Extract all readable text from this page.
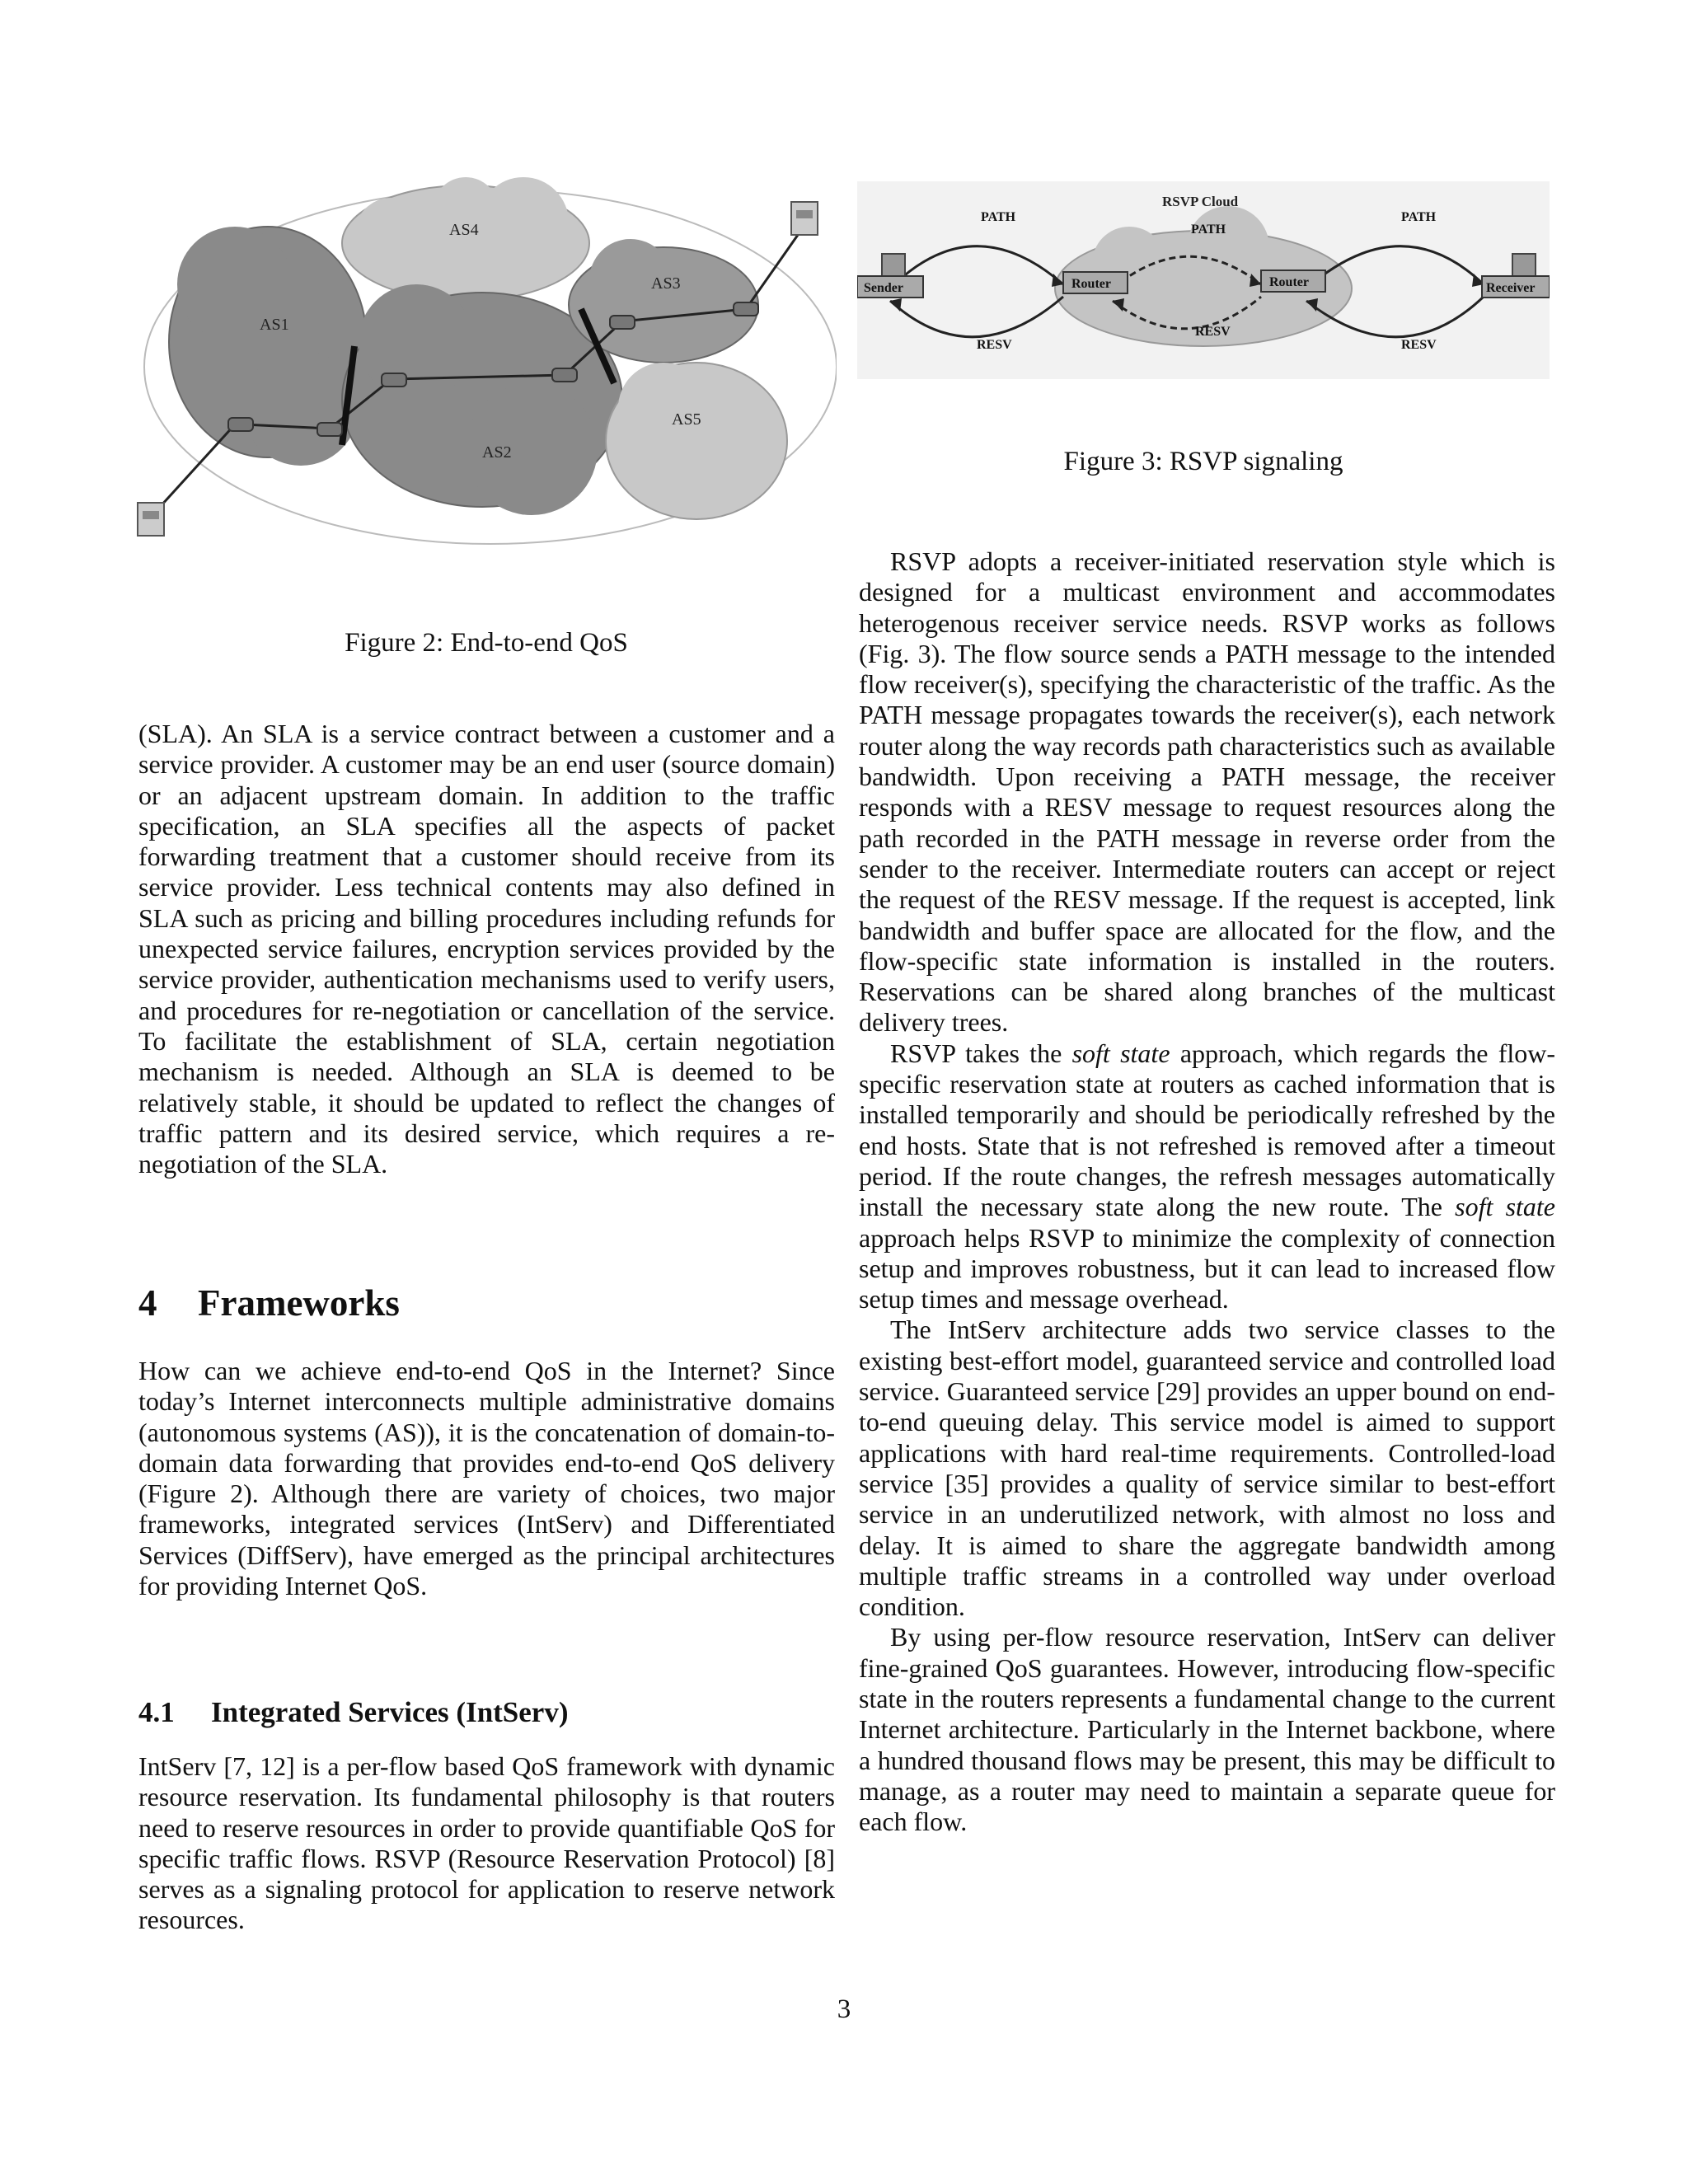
AS4
AS3
AS1
AS5
AS2
Figure 2: End-to-end QoS
RSVP Cloud
Sender	Router	Router	Receiver
PATH
PATH
PATH
RESV
RESV
RESV
Figure 3: RSVP signaling

(SLA). An SLA is a service contract between a customer and a service provider. A customer may be an end user (source domain) or an adjacent upstream domain. In addition to the traffic specification, an SLA specifies all the aspects of packet forwarding treatment that a customer should receive from its service provider. Less technical contents may also defined in SLA such as pricing and billing procedures including refunds for unexpected service failures, encryption services provided by the service provider, authentication mechanisms used to verify users, and procedures for re-negotiation or cancellation of the service. To facilitate the establishment of SLA, certain negotiation mechanism is needed. Although an SLA is deemed to be relatively stable, it should be updated to reflect the changes of traffic pattern and its desired service, which requires a re-negotiation of the SLA.

4 Frameworks

How can we achieve end-to-end QoS in the Internet? Since today’s Internet interconnects multiple administrative domains (autonomous systems (AS)), it is the concatenation of domain-to-domain data forwarding that provides end-to-end QoS delivery (Figure 2). Although there are variety of choices, two major frameworks, integrated services (IntServ) and Differentiated Services (DiffServ), have emerged as the principal architectures for providing Internet QoS.

4.1 Integrated Services (IntServ)

IntServ [7, 12] is a per-flow based QoS framework with dynamic resource reservation. Its fundamental philosophy is that routers need to reserve resources in order to provide quantifiable QoS for specific traffic flows. RSVP (Resource Reservation Protocol) [8] serves as a signaling protocol for application to reserve network resources.

RSVP adopts a receiver-initiated reservation style which is designed for a multicast environment and accommodates heterogenous receiver service needs. RSVP works as follows (Fig. 3). The flow source sends a PATH message to the intended flow receiver(s), specifying the characteristic of the traffic. As the PATH message propagates towards the receiver(s), each network router along the way records path characteristics such as available bandwidth. Upon receiving a PATH message, the receiver responds with a RESV message to request resources along the path recorded in the PATH message in reverse order from the sender to the receiver. Intermediate routers can accept or reject the request of the RESV message. If the request is accepted, link bandwidth and buffer space are allocated for the flow, and the flow-specific state information is installed in the routers. Reservations can be shared along branches of the multicast delivery trees.

RSVP takes the soft state approach, which regards the flow-specific reservation state at routers as cached information that is installed temporarily and should be periodically refreshed by the end hosts. State that is not refreshed is removed after a timeout period. If the route changes, the refresh messages automatically install the necessary state along the new route. The soft state approach helps RSVP to minimize the complexity of connection setup and improves robustness, but it can lead to increased flow setup times and message overhead.

The IntServ architecture adds two service classes to the existing best-effort model, guaranteed service and controlled load service. Guaranteed service [29] provides an upper bound on end-to-end queuing delay. This service model is aimed to support applications with hard real-time requirements. Controlled-load service [35] provides a quality of service similar to best-effort service in an underutilized network, with almost no loss and delay. It is aimed to share the aggregate bandwidth among multiple traffic streams in a controlled way under overload condition.

By using per-flow resource reservation, IntServ can deliver fine-grained QoS guarantees. However, introducing flow-specific state in the routers represents a fundamental change to the current Internet architecture. Particularly in the Internet backbone, where a hundred thousand flows may be present, this may be difficult to manage, as a router may need to maintain a separate queue for each flow.

3
